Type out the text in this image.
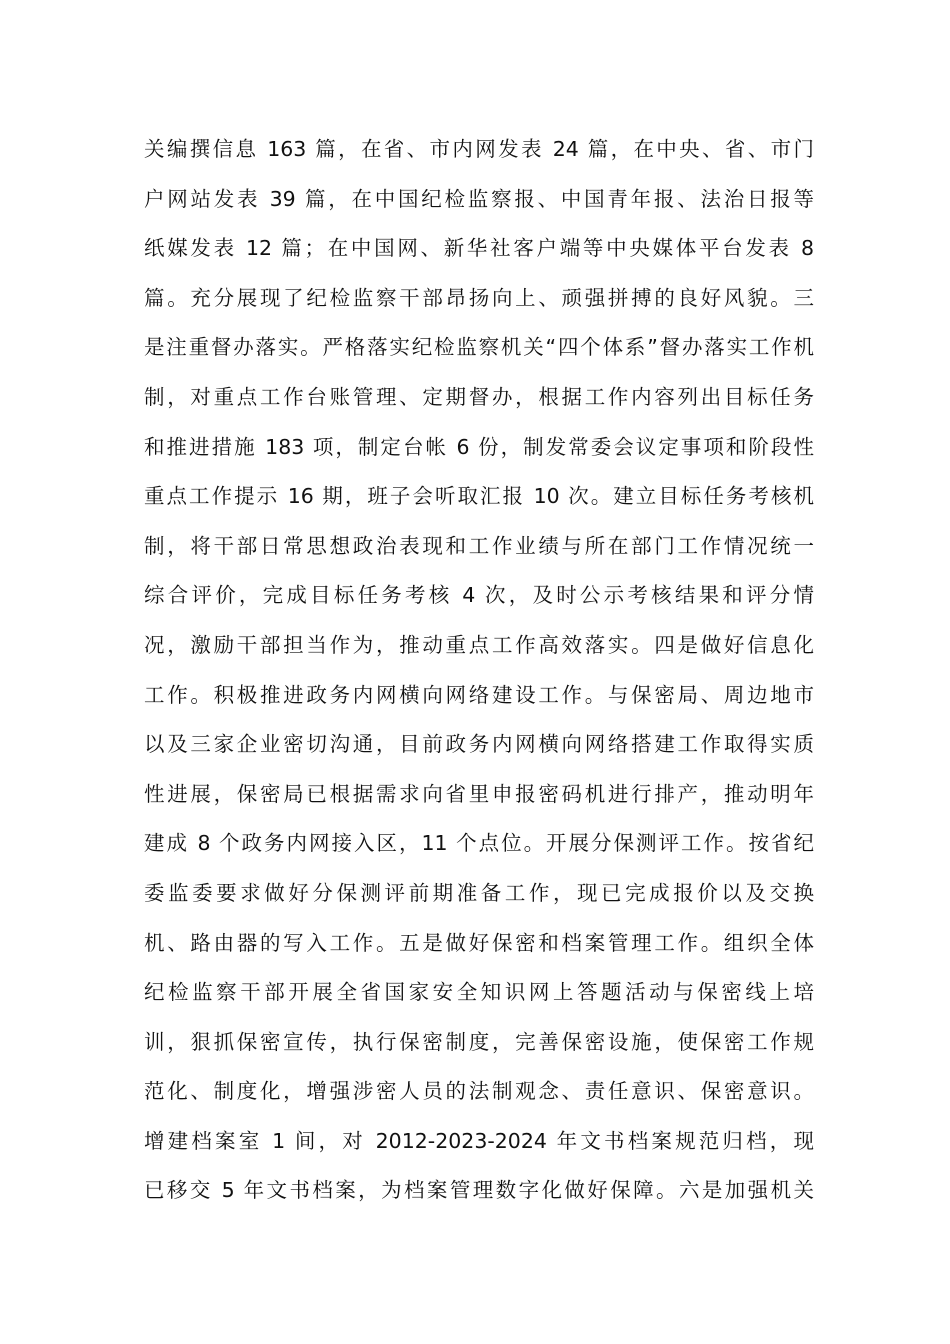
关编撰信息 163 篇，在省、市内网发表 24 篇，在中央、省、市门
户网站发表 39 篇，在中国纪检监察报、中国青年报、法治日报等
纸媒发表 12 篇；在中国网、新华社客户端等中央媒体平台发表 8
篇。充分展现了纪检监察干部昂扬向上、顽强拼搏的良好风貌。三
是注重督办落实。严格落实纪检监察机关“四个体系”督办落实工作机
制，对重点工作台账管理、定期督办，根据工作内容列出目标任务
和推进措施 183 项，制定台帐 6 份，制发常委会议定事项和阶段性
重点工作提示 16 期，班子会听取汇报 10 次。建立目标任务考核机
制，将干部日常思想政治表现和工作业绩与所在部门工作情况统一
综合评价，完成目标任务考核 4 次，及时公示考核结果和评分情
况，激励干部担当作为，推动重点工作高效落实。四是做好信息化
工作。积极推进政务内网横向网络建设工作。与保密局、周边地市
以及三家企业密切沟通，目前政务内网横向网络搭建工作取得实质
性进展，保密局已根据需求向省里申报密码机进行排产，推动明年
建成 8 个政务内网接入区，11 个点位。开展分保测评工作。按省纪
委监委要求做好分保测评前期准备工作，现已完成报价以及交换
机、路由器的写入工作。五是做好保密和档案管理工作。组织全体
纪检监察干部开展全省国家安全知识网上答题活动与保密线上培
训，狠抓保密宣传，执行保密制度，完善保密设施，使保密工作规
范化、制度化，增强涉密人员的法制观念、责任意识、保密意识。
增建档案室 1 间，对 2012-2023-2024 年文书档案规范归档，现
已移交 5 年文书档案，为档案管理数字化做好保障。六是加强机关
